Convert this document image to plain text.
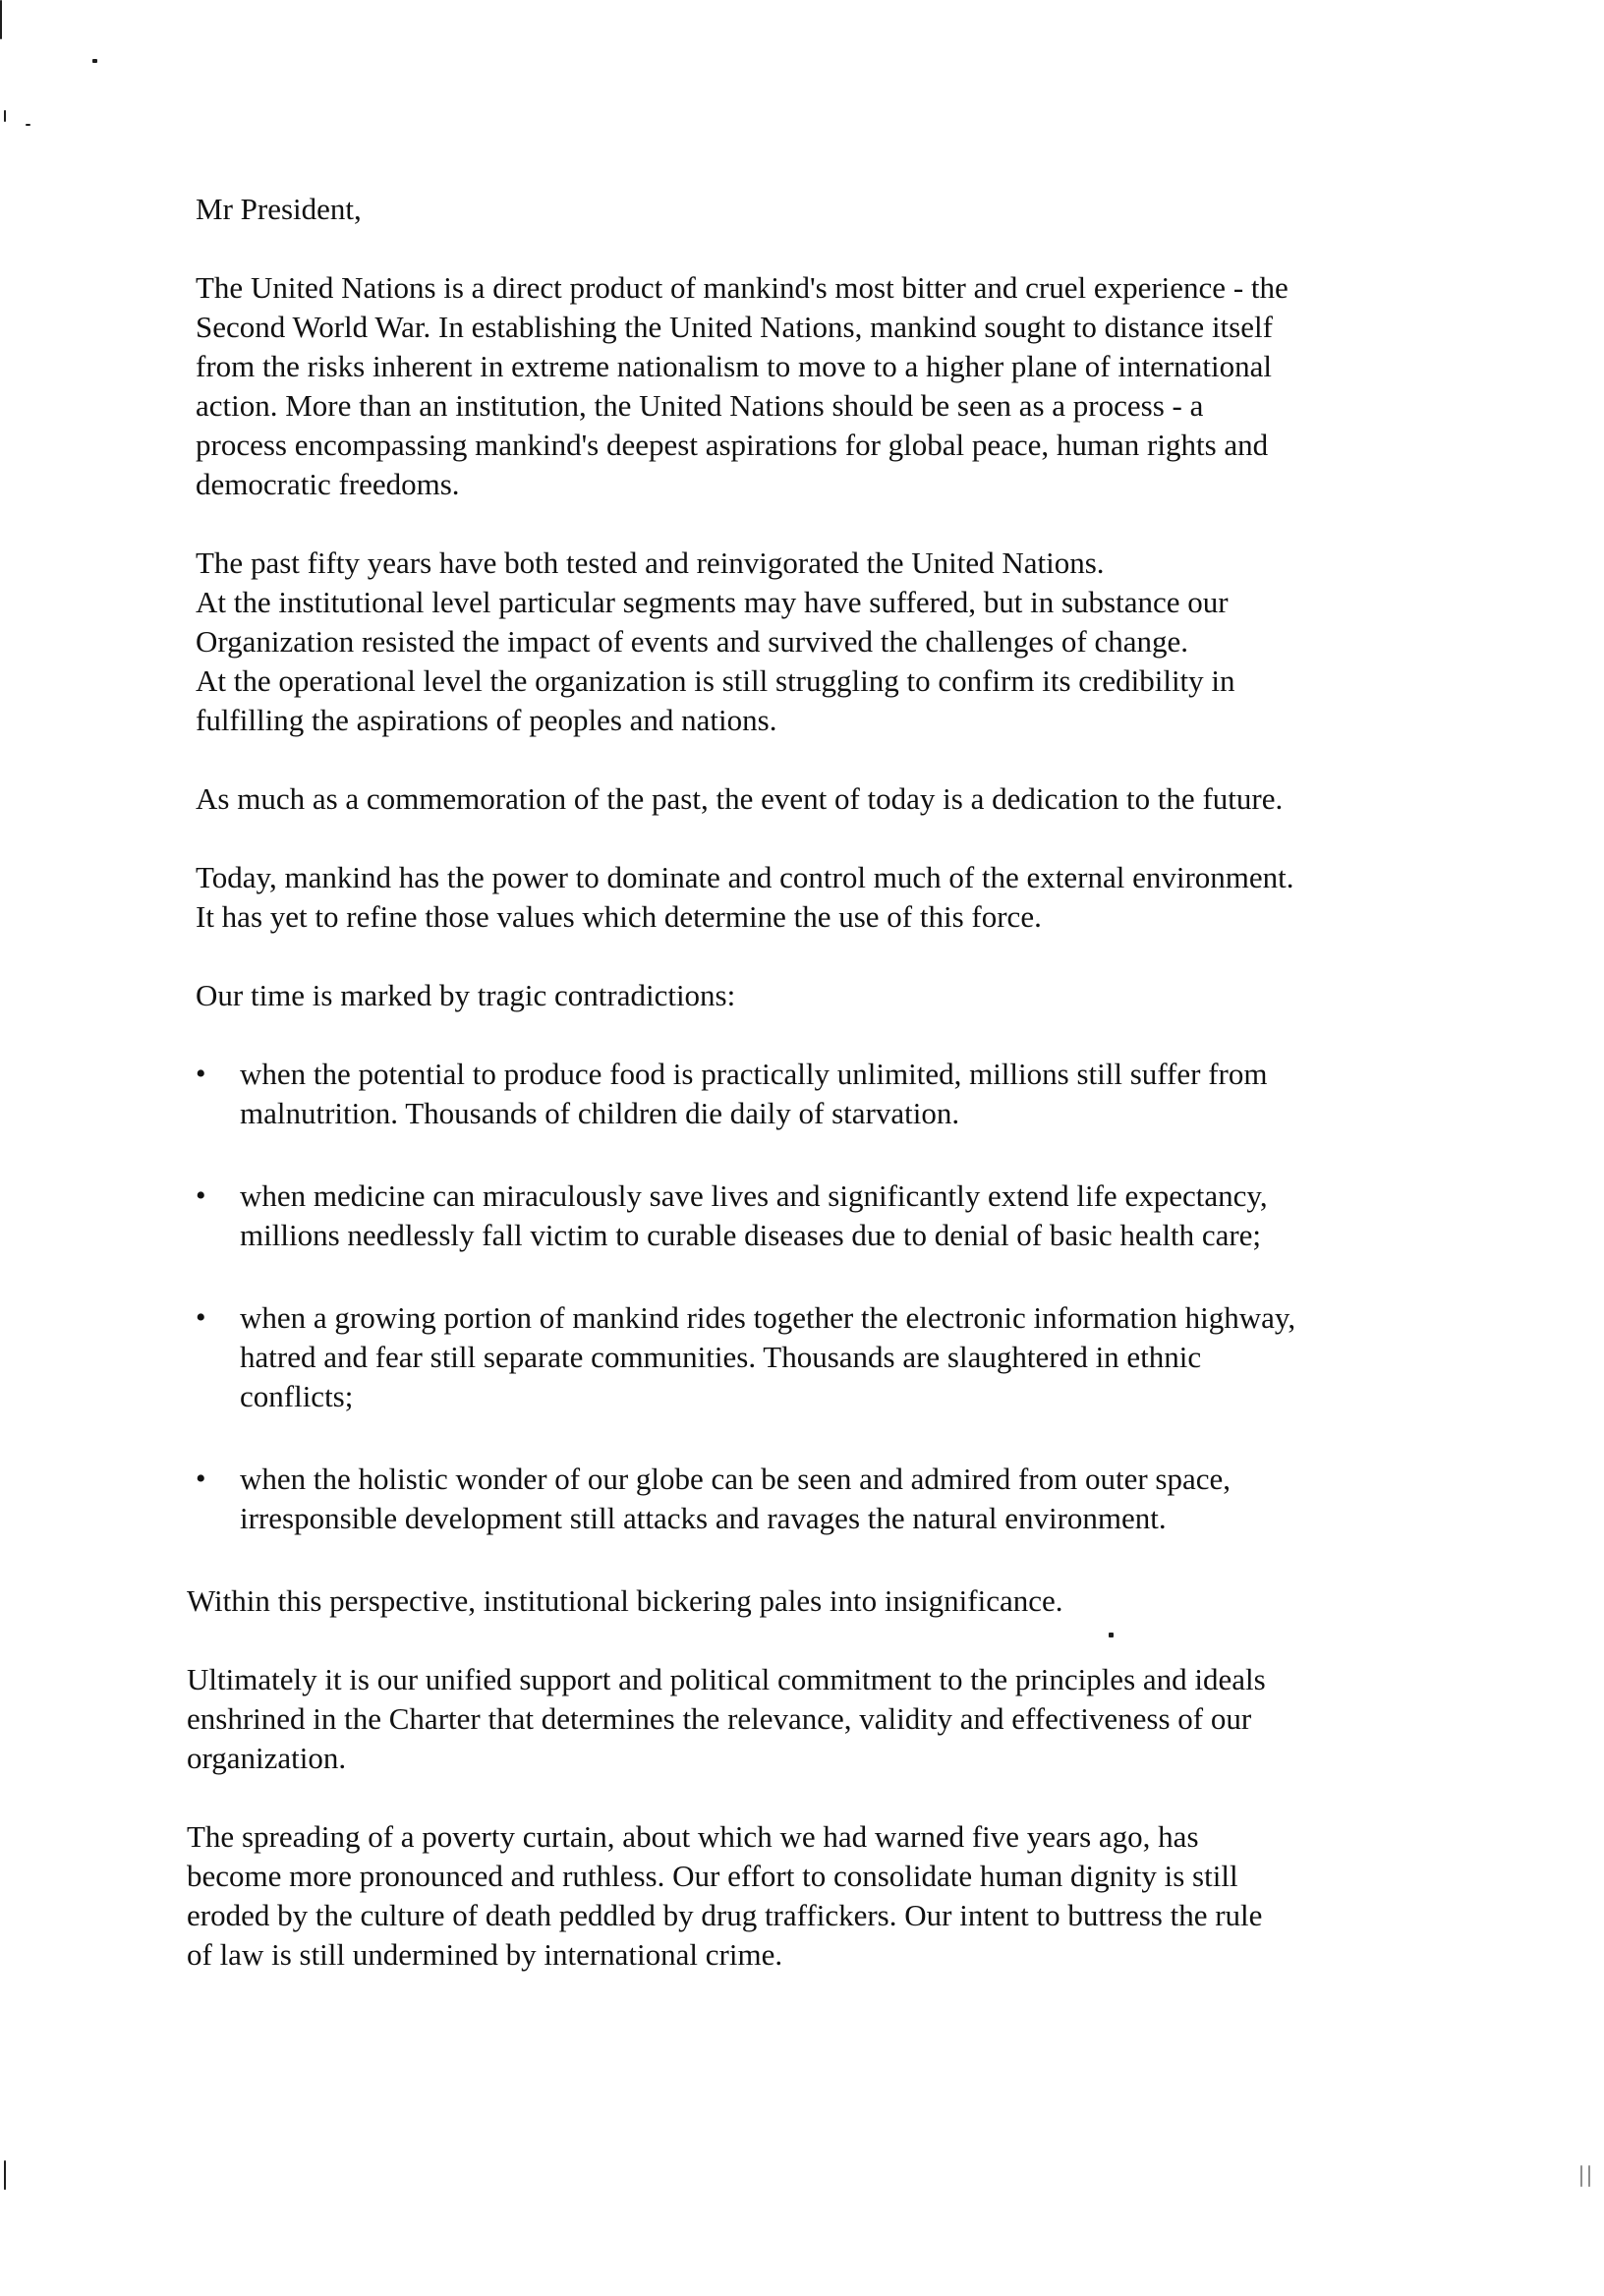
Mr President,
The United Nations is a direct product of mankind's most bitter and cruel experience - the
Second World War. In establishing the United Nations, mankind sought to distance itself
from the risks inherent in extreme nationalism to move to a higher plane of international
action. More than an institution, the United Nations should be seen as a process - a
process encompassing mankind's deepest aspirations for global peace, human rights and
democratic freedoms.
The past fifty years have both tested and reinvigorated the United Nations.
At the institutional level particular segments may have suffered, but in substance our
Organization resisted the impact of events and survived the challenges of change.
At the operational level the organization is still struggling to confirm its credibility in
fulfilling the aspirations of peoples and nations.
As much as a commemoration of the past, the event of today is a dedication to the future.
Today, mankind has the power to dominate and control much of the external environment.
It has yet to refine those values which determine the use of this force.
Our time is marked by tragic contradictions:
•	when the potential to produce food is practically unlimited, millions still suffer from
malnutrition. Thousands of children die daily of starvation.
•	when medicine can miraculously save lives and significantly extend life expectancy,
millions needlessly fall victim to curable diseases due to denial of basic health care;
•	when a growing portion of mankind rides together the electronic information highway,
hatred and fear still separate communities. Thousands are slaughtered in ethnic
conflicts;
•	when the holistic wonder of our globe can be seen and admired from outer space,
irresponsible development still attacks and ravages the natural environment.
Within this perspective, institutional bickering pales into insignificance.
Ultimately it is our unified support and political commitment to the principles and ideals
enshrined in the Charter that determines the relevance, validity and effectiveness of our
organization.
The spreading of a poverty curtain, about which we had warned five years ago, has
become more pronounced and ruthless. Our effort to consolidate human dignity is still
eroded by the culture of death peddled by drug traffickers. Our intent to buttress the rule
of law is still undermined by international crime.
